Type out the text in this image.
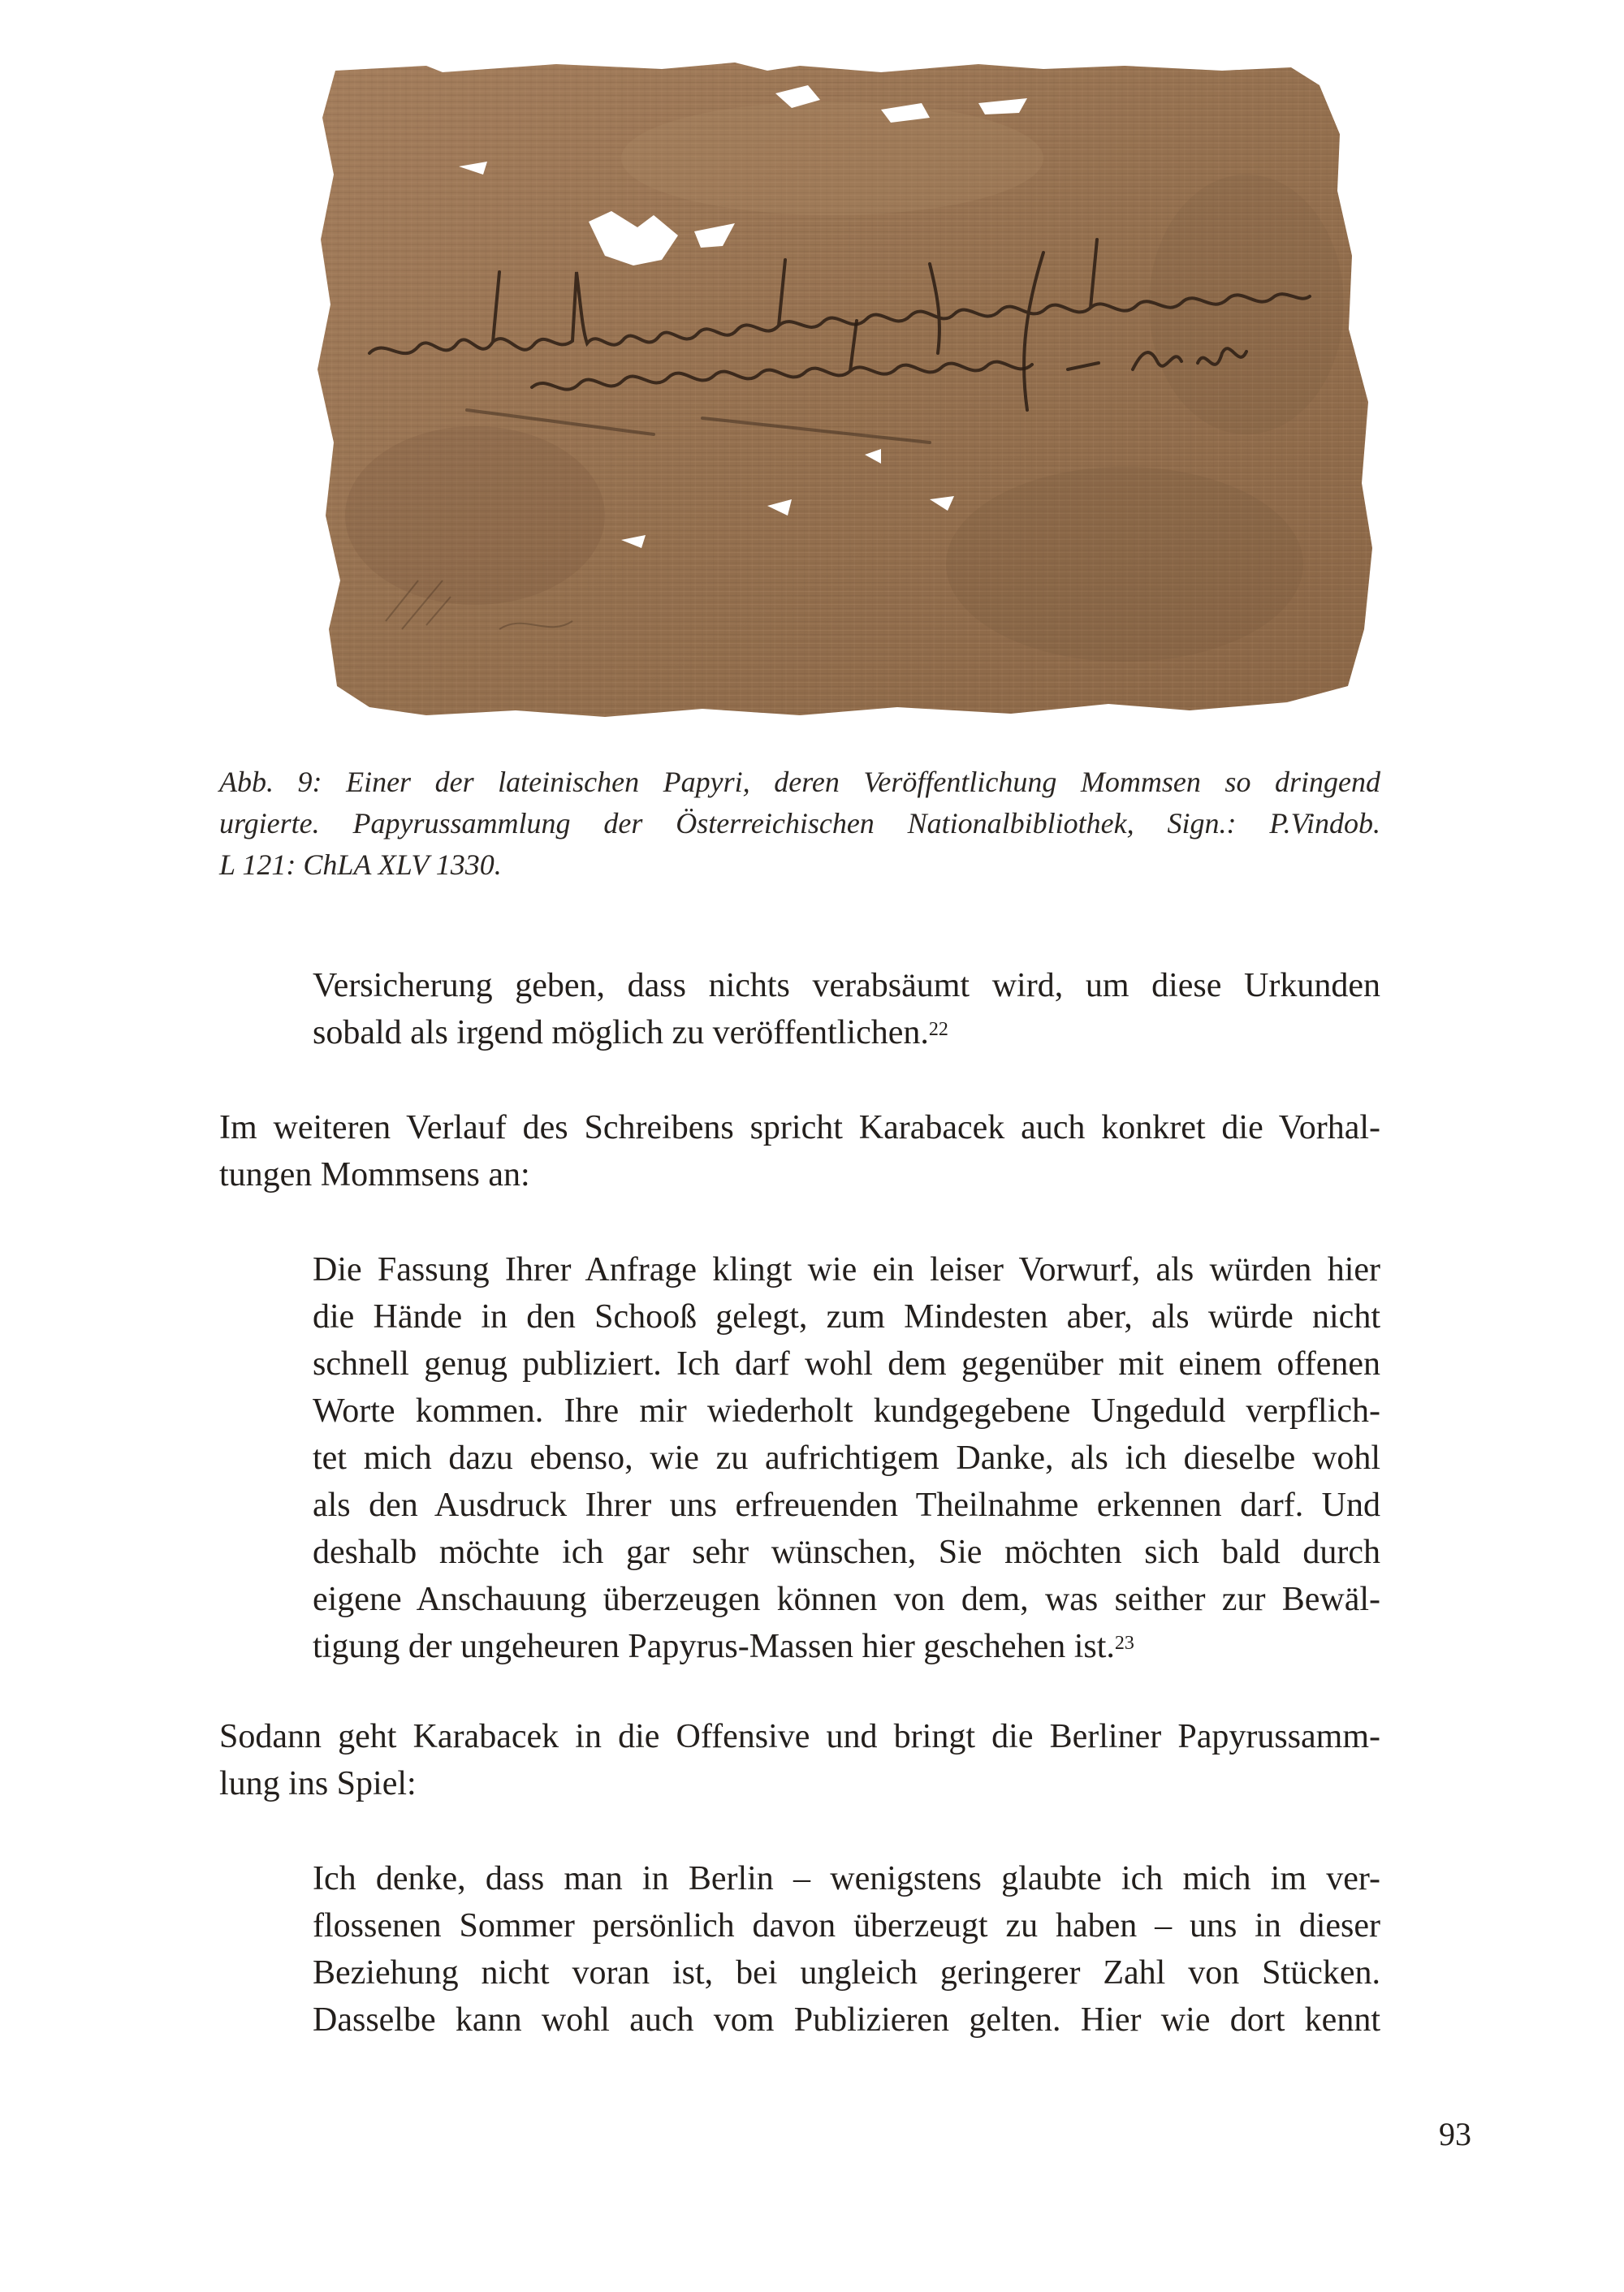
Abb. 9: Einer der lateinischen Papyri, deren Veröffentlichung Mommsen so dringend
urgierte. Papyrussammlung der Österreichischen Nationalbibliothek, Sign.: P.Vindob.
L 121: ChLA XLV 1330.

Versicherung geben, dass nichts verabsäumt wird, um diese Urkunden
sobald als irgend möglich zu veröffentlichen.$^{22}$

Im weiteren Verlauf des Schreibens spricht Karabacek auch konkret die Vorhal-
tungen Mommsens an:

Die Fassung Ihrer Anfrage klingt wie ein leiser Vorwurf, als würden hier
die Hände in den Schooß gelegt, zum Mindesten aber, als würde nicht
schnell genug publiziert. Ich darf wohl dem gegenüber mit einem offenen
Worte kommen. Ihre mir wiederholt kundgegebene Ungeduld verpflich-
tet mich dazu ebenso, wie zu aufrichtigem Danke, als ich dieselbe wohl
als den Ausdruck Ihrer uns erfreuenden Theilnahme erkennen darf. Und
deshalb möchte ich gar sehr wünschen, Sie möchten sich bald durch
eigene Anschauung überzeugen können von dem, was seither zur Bewäl-
tigung der ungeheuren Papyrus-Massen hier geschehen ist.$^{23}$

Sodann geht Karabacek in die Offensive und bringt die Berliner Papyrussamm-
lung ins Spiel:

Ich denke, dass man in Berlin – wenigstens glaubte ich mich im ver-
flossenen Sommer persönlich davon überzeugt zu haben – uns in dieser
Beziehung nicht voran ist, bei ungleich geringerer Zahl von Stücken.
Dasselbe kann wohl auch vom Publizieren gelten. Hier wie dort kennt

93
